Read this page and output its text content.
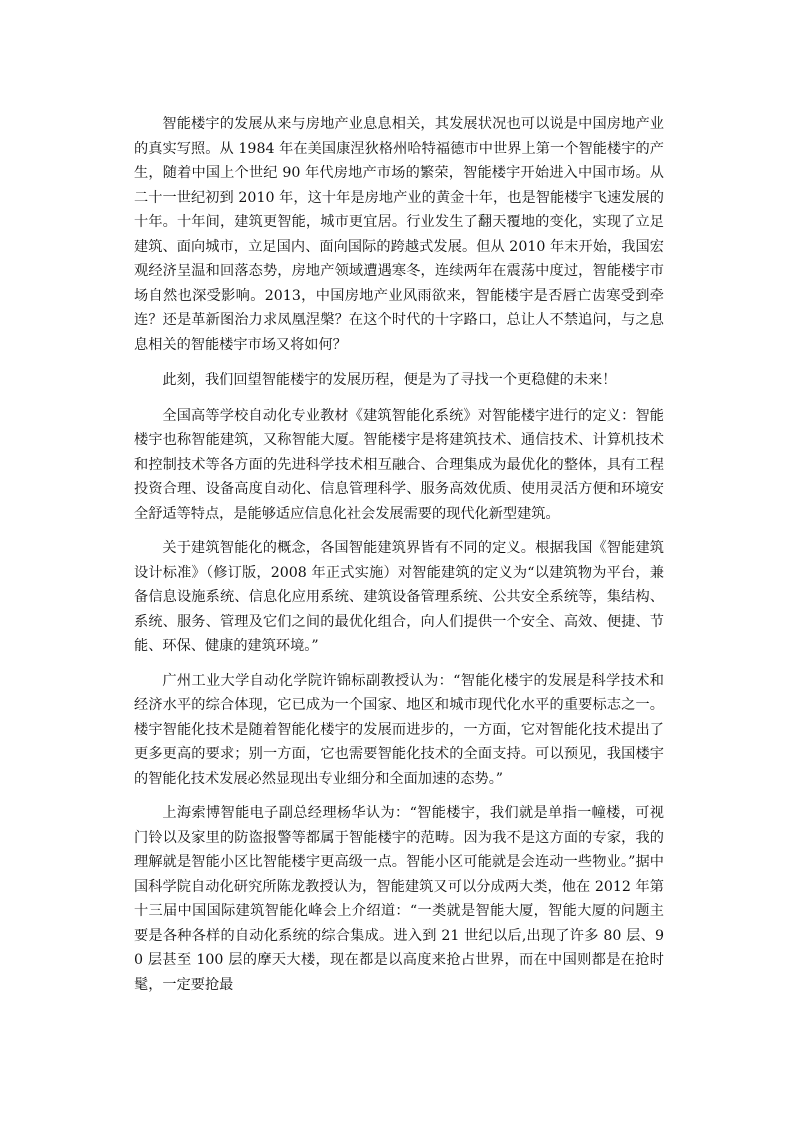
智能楼宇的发展从来与房地产业息息相关，其发展状况也可以说是中国房地产业的真实写照。从 1984 年在美国康涅狄格州哈特福德市中世界上第一个智能楼宇的产生，随着中国上个世纪 90 年代房地产市场的繁荣，智能楼宇开始进入中国市场。从二十一世纪初到 2010 年，这十年是房地产业的黄金十年，也是智能楼宇飞速发展的十年。十年间，建筑更智能，城市更宜居。行业发生了翻天覆地的变化，实现了立足建筑、面向城市，立足国内、面向国际的跨越式发展。但从 2010 年末开始，我国宏观经济呈温和回落态势，房地产领域遭遇寒冬，连续两年在震荡中度过，智能楼宇市场自然也深受影响。2013，中国房地产业风雨欲来，智能楼宇是否唇亡齿寒受到牵连？还是革新图治力求凤凰涅槃？在这个时代的十字路口，总让人不禁追问，与之息息相关的智能楼宇市场又将如何？

此刻，我们回望智能楼宇的发展历程，便是为了寻找一个更稳健的未来！

全国高等学校自动化专业教材《建筑智能化系统》对智能楼宇进行的定义：智能楼宇也称智能建筑，又称智能大厦。智能楼宇是将建筑技术、通信技术、计算机技术和控制技术等各方面的先进科学技术相互融合、合理集成为最优化的整体，具有工程投资合理、设备高度自动化、信息管理科学、服务高效优质、使用灵活方便和环境安全舒适等特点，是能够适应信息化社会发展需要的现代化新型建筑。

关于建筑智能化的概念，各国智能建筑界皆有不同的定义。根据我国《智能建筑设计标准》（修订版，2008 年正式实施）对智能建筑的定义为“以建筑物为平台，兼备信息设施系统、信息化应用系统、建筑设备管理系统、公共安全系统等，集结构、系统、服务、管理及它们之间的最优化组合，向人们提供一个安全、高效、便捷、节能、环保、健康的建筑环境。”

广州工业大学自动化学院许锦标副教授认为：“智能化楼宇的发展是科学技术和经济水平的综合体现，它已成为一个国家、地区和城市现代化水平的重要标志之一。楼宇智能化技术是随着智能化楼宇的发展而进步的，一方面，它对智能化技术提出了更多更高的要求；别一方面，它也需要智能化技术的全面支持。可以预见，我国楼宇的智能化技术发展必然显现出专业细分和全面加速的态势。”

上海索博智能电子副总经理杨华认为：“智能楼宇，我们就是单指一幢楼，可视门铃以及家里的防盗报警等都属于智能楼宇的范畴。因为我不是这方面的专家，我的理解就是智能小区比智能楼宇更高级一点。智能小区可能就是会连动一些物业。”据中国科学院自动化研究所陈龙教授认为，智能建筑又可以分成两大类，他在 2012 年第十三届中国国际建筑智能化峰会上介绍道：“一类就是智能大厦，智能大厦的问题主要是各种各样的自动化系统的综合集成。进入到 21 世纪以后,出现了许多 80 层、90 层甚至 100 层的摩天大楼，现在都是以高度来抢占世界，而在中国则都是在抢时髦，一定要抢最
